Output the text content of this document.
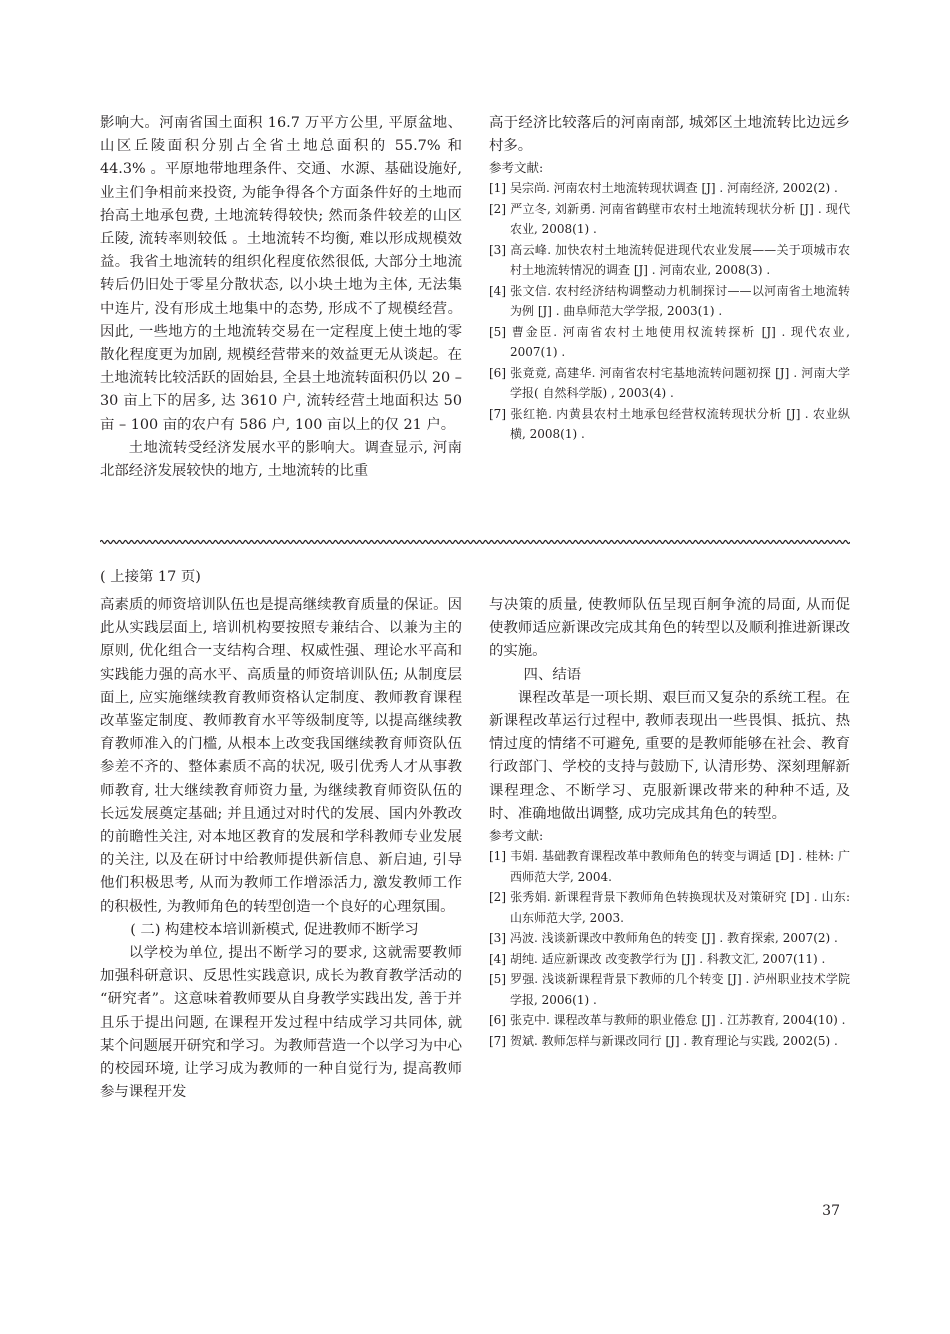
影响大。河南省国土面积 16.7 万平方公里, 平原盆地、山区丘陵面积分别占全省土地总面积的 55.7% 和 44.3% 。平原地带地理条件、交通、水源、基础设施好, 业主们争相前来投资, 为能争得各个方面条件好的土地而抬高土地承包费, 土地流转得较快; 然而条件较差的山区丘陵, 流转率则较低 。土地流转不均衡, 难以形成规模效益。我省土地流转的组织化程度依然很低, 大部分土地流转后仍旧处于零星分散状态, 以小块土地为主体, 无法集中连片, 没有形成土地集中的态势, 形成不了规模经营。因此, 一些地方的土地流转交易在一定程度上使土地的零散化程度更为加剧, 规模经营带来的效益更无从谈起。在土地流转比较活跃的固始县, 全县土地流转面积仍以 20 – 30 亩上下的居多, 达 3610 户, 流转经营土地面积达 50 亩 – 100 亩的农户有 586 户, 100 亩以上的仅 21 户。

土地流转受经济发展水平的影响大。调查显示, 河南北部经济发展较快的地方, 土地流转的比重

高于经济比较落后的河南南部, 城郊区土地流转比边远乡村多。

参考文献:

[1] 吴宗尚. 河南农村土地流转现状调查 [J] . 河南经济, 2002(2) .

[2] 严立冬, 刘新勇. 河南省鹤壁市农村土地流转现状分析 [J] . 现代农业, 2008(1) .

[3] 高云峰. 加快农村土地流转促进现代农业发展——关于项城市农村土地流转情况的调查 [J] . 河南农业, 2008(3) .

[4] 张文信. 农村经济结构调整动力机制探讨——以河南省土地流转为例 [J] . 曲阜师范大学学报, 2003(1) .

[5] 曹金臣. 河南省农村土地使用权流转探析 [J] . 现代农业, 2007(1) .

[6] 张竟竟, 高建华. 河南省农村宅基地流转问题初探 [J] . 河南大学学报( 自然科学版) , 2003(4) .

[7] 张红艳. 内黄县农村土地承包经营权流转现状分析 [J] . 农业纵横, 2008(1) .

( 上接第 17 页)

高素质的师资培训队伍也是提高继续教育质量的保证。因此从实践层面上, 培训机构要按照专兼结合、以兼为主的原则, 优化组合一支结构合理、权威性强、理论水平高和实践能力强的高水平、高质量的师资培训队伍; 从制度层面上, 应实施继续教育教师资格认定制度、教师教育课程改革鉴定制度、教师教育水平等级制度等, 以提高继续教育教师准入的门槛, 从根本上改变我国继续教育师资队伍参差不齐的、整体素质不高的状况, 吸引优秀人才从事教师教育, 壮大继续教育师资力量, 为继续教育师资队伍的长远发展奠定基础; 并且通过对时代的发展、国内外教改的前瞻性关注, 对本地区教育的发展和学科教师专业发展的关注, 以及在研讨中给教师提供新信息、新启迪, 引导他们积极思考, 从而为教师工作增添活力, 激发教师工作的积极性, 为教师角色的转型创造一个良好的心理氛围。

( 二) 构建校本培训新模式, 促进教师不断学习

以学校为单位, 提出不断学习的要求, 这就需要教师加强科研意识、反思性实践意识, 成长为教育教学活动的 “研究者”。这意味着教师要从自身教学实践出发, 善于并且乐于提出问题, 在课程开发过程中结成学习共同体, 就某个问题展开研究和学习。为教师营造一个以学习为中心的校园环境, 让学习成为教师的一种自觉行为, 提高教师参与课程开发

与决策的质量, 使教师队伍呈现百舸争流的局面, 从而促使教师适应新课改完成其角色的转型以及顺利推进新课改的实施。

四、结语

课程改革是一项长期、艰巨而又复杂的系统工程。在新课程改革运行过程中, 教师表现出一些畏惧、抵抗、热情过度的情绪不可避免, 重要的是教师能够在社会、教育行政部门、学校的支持与鼓励下, 认清形势、深刻理解新课程理念、不断学习、克服新课改带来的种种不适, 及时、准确地做出调整, 成功完成其角色的转型。

参考文献:

[1] 韦娟. 基础教育课程改革中教师角色的转变与调适 [D] . 桂林: 广西师范大学, 2004.

[2] 张秀娟. 新课程背景下教师角色转换现状及对策研究 [D] . 山东: 山东师范大学, 2003.

[3] 冯波. 浅谈新课改中教师角色的转变 [J] . 教育探索, 2007(2) .

[4] 胡纯. 适应新课改 改变教学行为 [J] . 科教文汇, 2007(11) .

[5] 罗强. 浅谈新课程背景下教师的几个转变 [J] . 泸州职业技术学院学报, 2006(1) .

[6] 张克中. 课程改革与教师的职业倦怠 [J] . 江苏教育, 2004(10) .

[7] 贺斌. 教师怎样与新课改同行 [J] . 教育理论与实践, 2002(5) .

37
